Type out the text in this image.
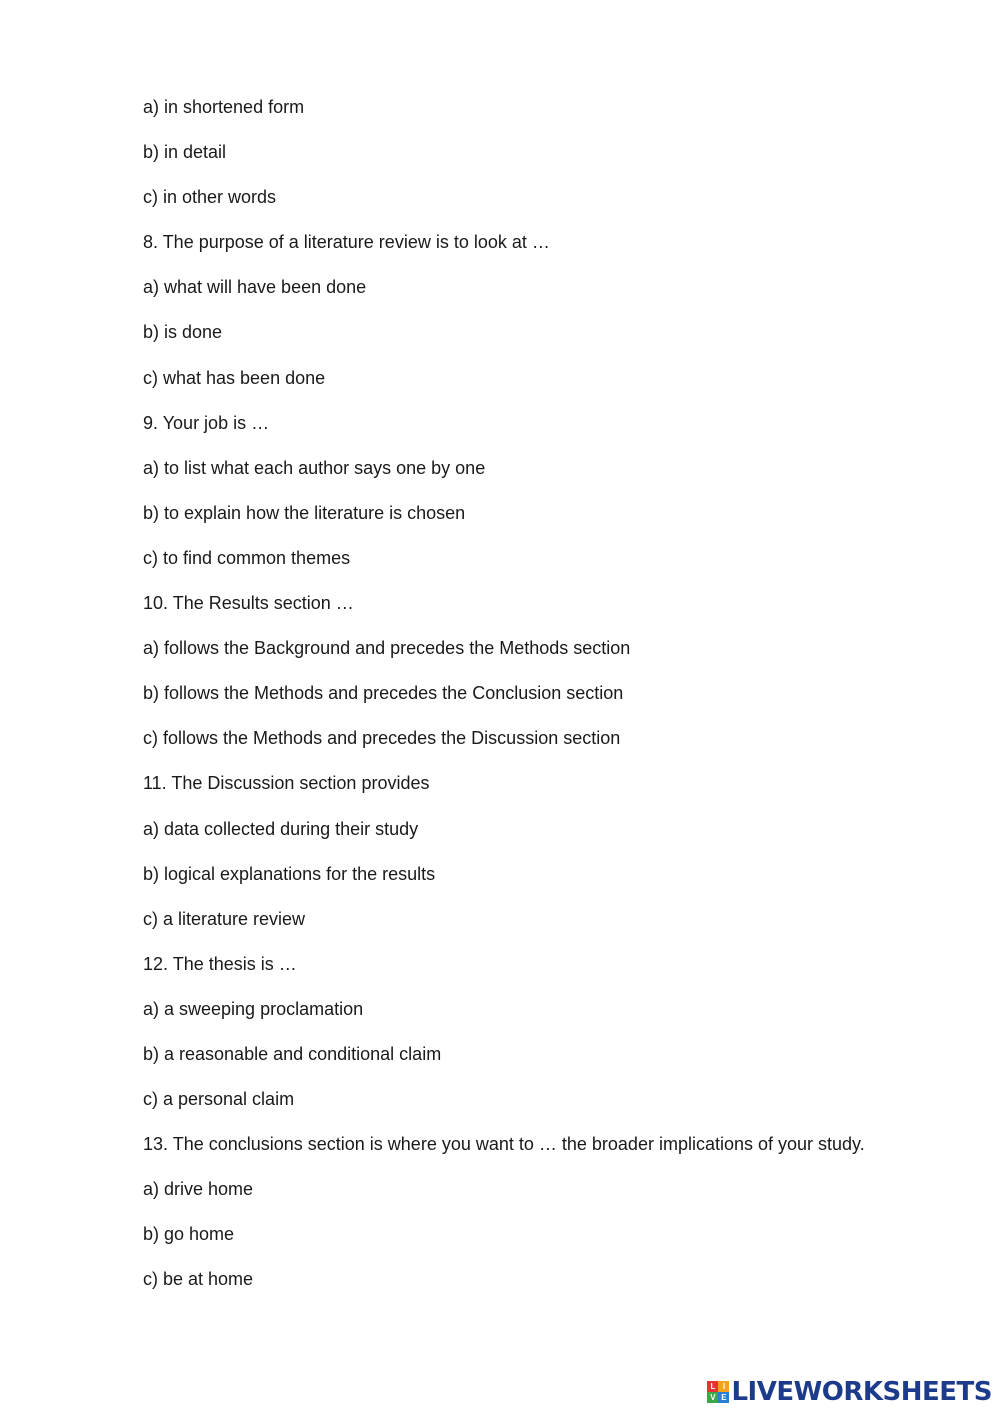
a) in shortened form
b) in detail
c) in other words
8. The purpose of a literature review is to look at …
a) what will have been done
b) is done
c) what has been done
9. Your job is …
a) to list what each author says one by one
b) to explain how the literature is chosen
c) to find common themes
10. The Results section …
a) follows the Background and precedes the Methods section
b) follows the Methods and precedes the Conclusion section
c) follows the Methods and precedes the Discussion section
11. The Discussion section provides
a) data collected during their study
b) logical explanations for the results
c) a literature review
12. The thesis is …
a) a sweeping proclamation
b) a reasonable and conditional claim
c) a personal claim
13. The conclusions section is where you want to … the broader implications of your study.
a) drive home
b) go home
c) be at home
L I
V E LIVEWORKSHEETS
